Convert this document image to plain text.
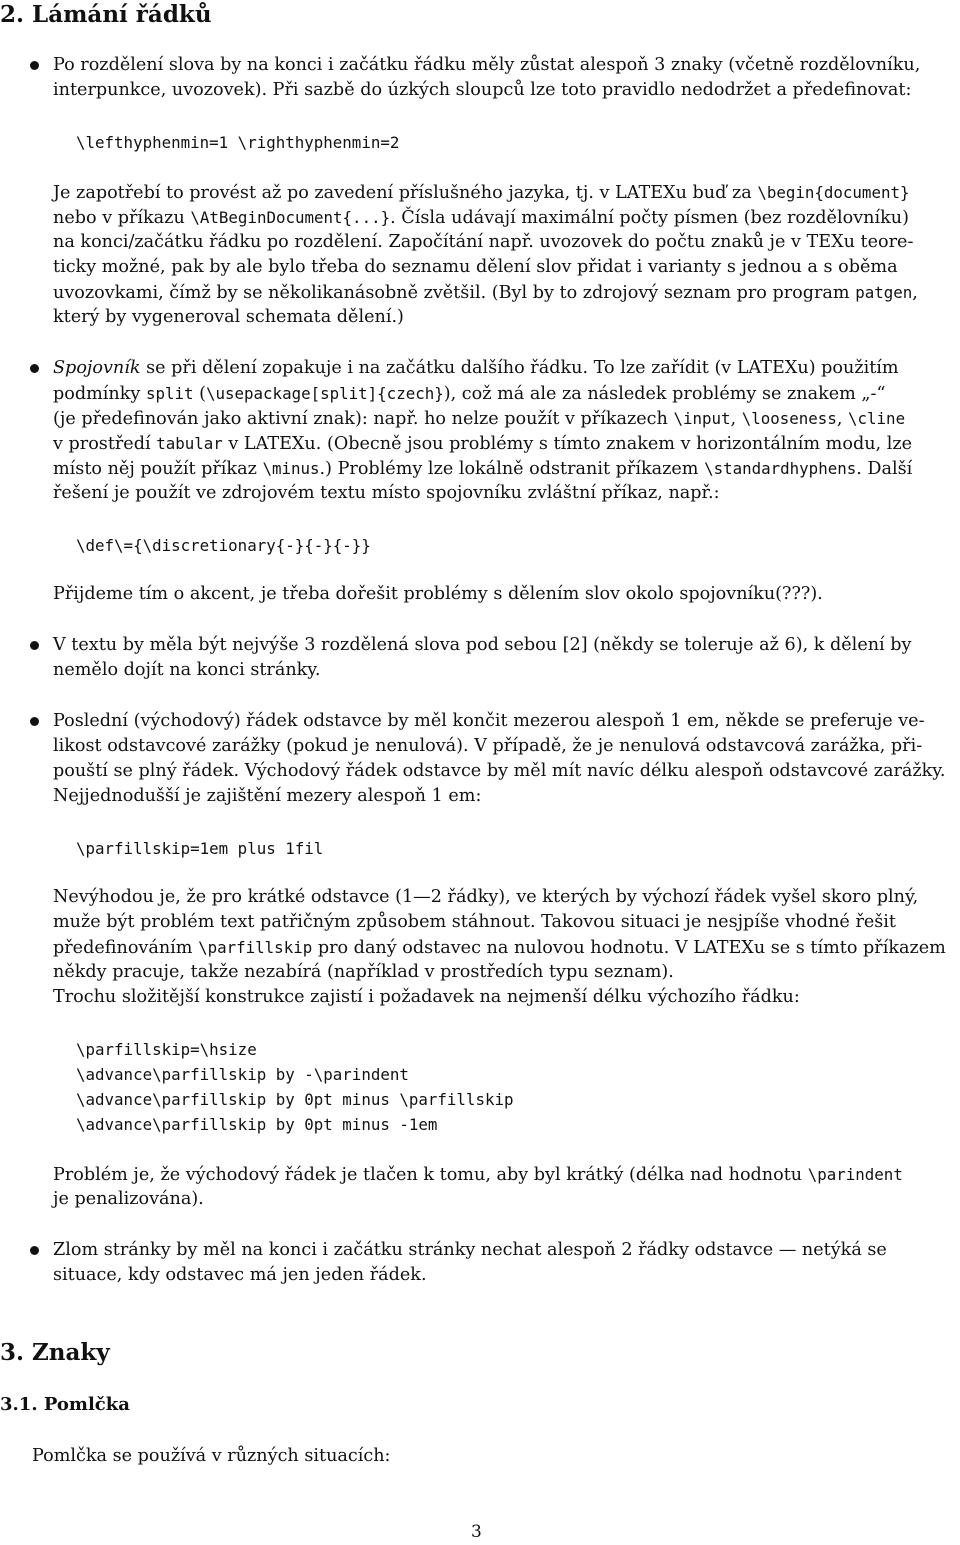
2. Lámání řádků
Po rozdělení slova by na konci i začátku řádku měly zůstat alespoň 3 znaky (včetně rozdělovníku,
interpunkce, uvozovek). Při sazbě do úzkých sloupců lze toto pravidlo nedodržet a předefinovat:
\lefthyphenmin=1 \righthyphenmin=2
Je zapotřebí to provést až po zavedení příslušného jazyka, tj. v LATEXu buď za \begin{document}
nebo v příkazu \AtBeginDocument{...}. Čísla udávají maximální počty písmen (bez rozdělovníku)
na konci/začátku řádku po rozdělení. Započítání např. uvozovek do počtu znaků je v TEXu teore-
ticky možné, pak by ale bylo třeba do seznamu dělení slov přidat i varianty s jednou a s oběma
uvozovkami, čímž by se několikanásobně zvětšil. (Byl by to zdrojový seznam pro program patgen,
který by vygeneroval schemata dělení.)
Spojovník se při dělení zopakuje i na začátku dalšího řádku. To lze zařídit (v LATEXu) použitím
podmínky split (\usepackage[split]{czech}), což má ale za následek problémy se znakem „-“
(je předefinován jako aktivní znak): např. ho nelze použít v příkazech \input, \looseness, \cline
v prostředí tabular v LATEXu. (Obecně jsou problémy s tímto znakem v horizontálním modu, lze
místo něj použít příkaz \minus.) Problémy lze lokálně odstranit příkazem \standardhyphens. Další
řešení je použít ve zdrojovém textu místo spojovníku zvláštní příkaz, např.:
\def\={\discretionary{-}{-}{-}}
Přijdeme tím o akcent, je třeba dořešit problémy s dělením slov okolo spojovníku(???).
V textu by měla být nejvýše 3 rozdělená slova pod sebou [2] (někdy se toleruje až 6), k dělení by
nemělo dojít na konci stránky.
Poslední (východový) řádek odstavce by měl končit mezerou alespoň 1 em, někde se preferuje ve-
likost odstavcové zarážky (pokud je nenulová). V případě, že je nenulová odstavcová zarážka, při-
pouští se plný řádek. Východový řádek odstavce by měl mít navíc délku alespoň odstavcové zarážky.
Nejjednodušší je zajištění mezery alespoň 1 em:
\parfillskip=1em plus 1fil
Nevýhodou je, že pro krátké odstavce (1—2 řádky), ve kterých by výchozí řádek vyšel skoro plný,
muže být problém text patřičným způsobem stáhnout. Takovou situaci je nesjpíše vhodné řešit
předefinováním \parfillskip pro daný odstavec na nulovou hodnotu. V LATEXu se s tímto příkazem
někdy pracuje, takže nezabírá (například v prostředích typu seznam).
Trochu složitější konstrukce zajistí i požadavek na nejmenší délku výchozího řádku:
\parfillskip=\hsize
\advance\parfillskip by -\parindent
\advance\parfillskip by 0pt minus \parfillskip
\advance\parfillskip by 0pt minus -1em
Problém je, že východový řádek je tlačen k tomu, aby byl krátký (délka nad hodnotu \parindent
je penalizována).
Zlom stránky by měl na konci i začátku stránky nechat alespoň 2 řádky odstavce — netýká se
situace, kdy odstavec má jen jeden řádek.
3. Znaky
3.1. Pomlčka
Pomlčka se používá v různých situacích:
3
